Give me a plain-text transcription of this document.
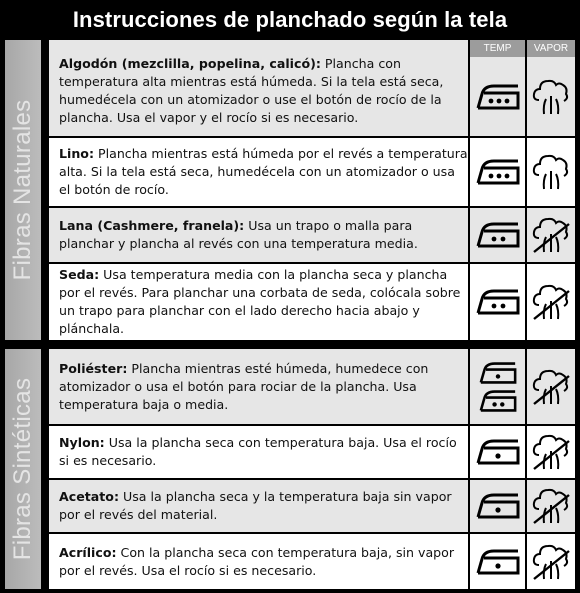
Instrucciones de planchado según la tela
Fibras Naturales
Fibras Sintéticas
TEMP	VAPOR

Algodón (mezclilla, popelina, calicó): Plancha con temperatura alta mientras está húmeda. Si la tela está seca, humedécela con un atomizador o use el botón de rocío de la plancha. Usa el vapor y el rocío si es necesario.

Lino: Plancha mientras está húmeda por el revés a temperatura alta. Si la tela está seca, humedécela con un atomizador o usa el botón de rocío.

Lana (Cashmere, franela): Usa un trapo o malla para planchar y plancha al revés con una temperatura media.

Seda: Usa temperatura media con la plancha seca y plancha por el revés. Para planchar una corbata de seda, colócala sobre un trapo para planchar con el lado derecho hacia abajo y plánchala.

Poliéster: Plancha mientras esté húmeda, humedece con atomizador o usa el botón para rociar de la plancha. Usa temperatura baja o media.

Nylon: Usa la plancha seca con temperatura baja. Usa el rocío si es necesario.

Acetato: Usa la plancha seca y la temperatura baja sin vapor por el revés del material.

Acrílico: Con la plancha seca con temperatura baja, sin vapor por el revés. Usa el rocío si es necesario.
